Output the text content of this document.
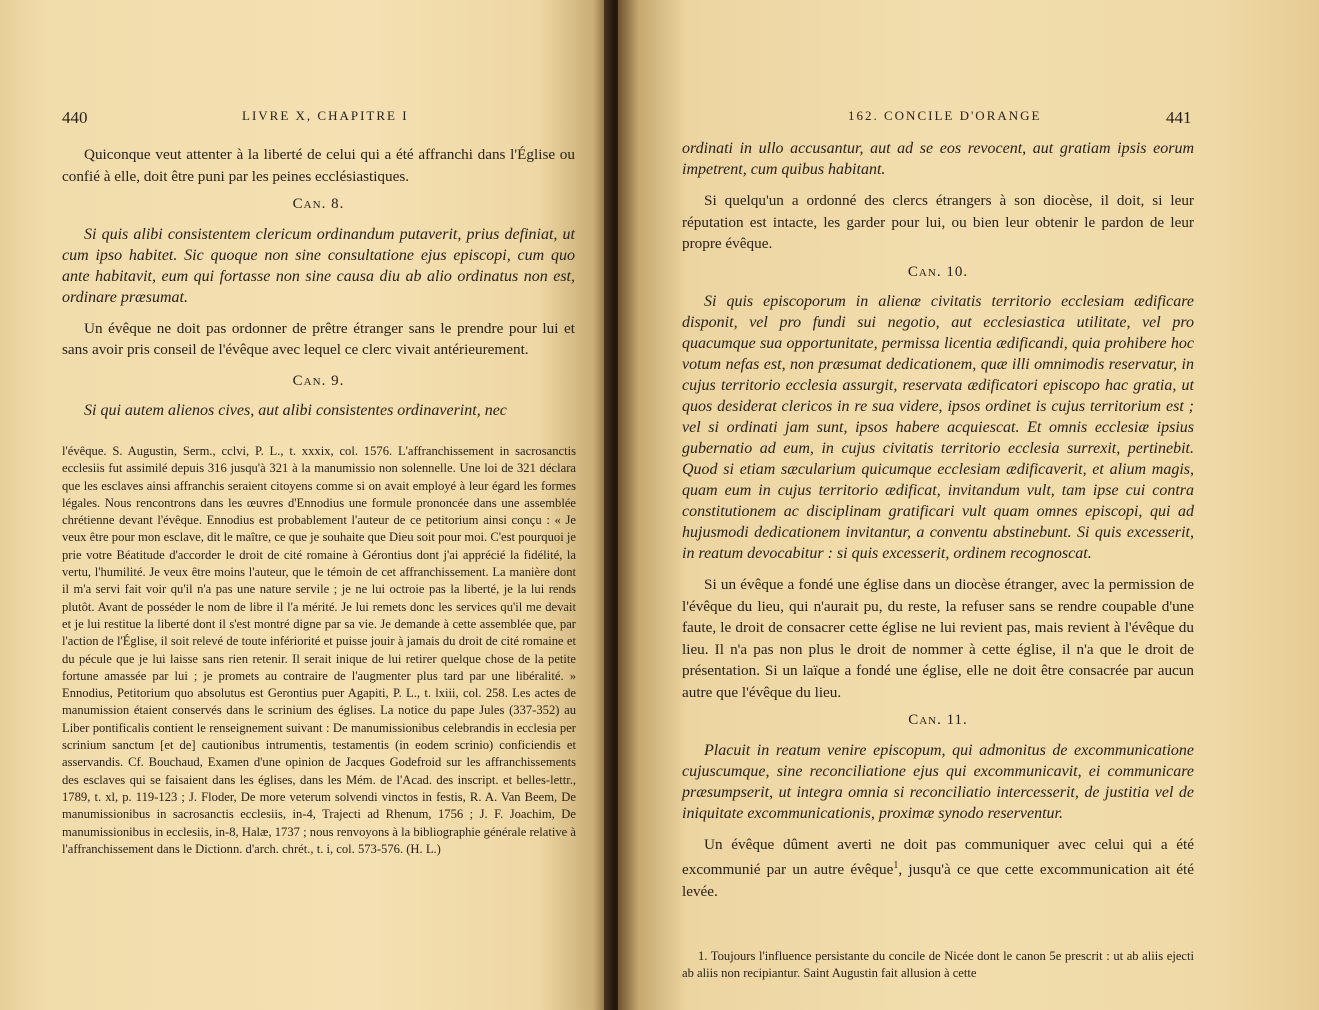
440	LIVRE X, CHAPITRE I

Quiconque veut attenter à la liberté de celui qui a été affranchi dans l'Église ou confié à elle, doit être puni par les peines ecclésiastiques.

Can. 8.

Si quis alibi consistentem clericum ordinandum putaverit, prius definiat, ut cum ipso habitet. Sic quoque non sine consultatione ejus episcopi, cum quo ante habitavit, eum qui fortasse non sine causa diu ab alio ordinatus non est, ordinare præsumat.

Un évêque ne doit pas ordonner de prêtre étranger sans le prendre pour lui et sans avoir pris conseil de l'évêque avec lequel ce clerc vivait antérieurement.

Can. 9.

Si qui autem alienos cives, aut alibi consistentes ordinaverint, nec

l'évêque. S. Augustin, Serm., cclvi, P. L., t. xxxix, col. 1576. L'affranchissement in sacrosanctis ecclesiis fut assimilé depuis 316 jusqu'à 321 à la manumissio non solennelle. Une loi de 321 déclara que les esclaves ainsi affranchis seraient citoyens comme si on avait employé à leur égard les formes légales. Nous rencontrons dans les œuvres d'Ennodius une formule prononcée dans une assemblée chrétienne devant l'évêque. Ennodius est probablement l'auteur de ce petitorium ainsi conçu : « Je veux être pour mon esclave, dit le maître, ce que je souhaite que Dieu soit pour moi. C'est pourquoi je prie votre Béatitude d'accorder le droit de cité romaine à Gérontius dont j'ai apprécié la fidélité, la vertu, l'humilité. Je veux être moins l'auteur, que le témoin de cet affranchissement. La manière dont il m'a servi fait voir qu'il n'a pas une nature servile ; je ne lui octroie pas la liberté, je la lui rends plutôt. Avant de posséder le nom de libre il l'a mérité. Je lui remets donc les services qu'il me devait et je lui restitue la liberté dont il s'est montré digne par sa vie. Je demande à cette assemblée que, par l'action de l'Église, il soit relevé de toute infériorité et puisse jouir à jamais du droit de cité romaine et du pécule que je lui laisse sans rien retenir. Il serait inique de lui retirer quelque chose de la petite fortune amassée par lui ; je promets au contraire de l'augmenter plus tard par une libéralité. » Ennodius, Petitorium quo absolutus est Gerontius puer Agapiti, P. L., t. lxiii, col. 258. Les actes de manumission étaient conservés dans le scrinium des églises. La notice du pape Jules (337-352) au Liber pontificalis contient le renseignement suivant : De manumissionibus celebrandis in ecclesia per scrinium sanctum [et de] cautionibus intrumentis, testamentis (in eodem scrinio) conficiendis et asservandis. Cf. Bouchaud, Examen d'une opinion de Jacques Godefroid sur les affranchissements des esclaves qui se faisaient dans les églises, dans les Mém. de l'Acad. des inscript. et belles-lettr., 1789, t. xl, p. 119-123 ; J. Floder, De more veterum solvendi vinctos in festis, R. A. Van Beem, De manumissionibus in sacrosanctis ecclesiis, in-4, Trajecti ad Rhenum, 1756 ; J. F. Joachim, De manumissionibus in ecclesiis, in-8, Halæ, 1737 ; nous renvoyons à la bibliographie générale relative à l'affranchissement dans le Dictionn. d'arch. chrét., t. i, col. 573-576. (H. L.)

162. CONCILE D'ORANGE	441

ordinati in ullo accusantur, aut ad se eos revocent, aut gratiam ipsis eorum impetrent, cum quibus habitant.

Si quelqu'un a ordonné des clercs étrangers à son diocèse, il doit, si leur réputation est intacte, les garder pour lui, ou bien leur obtenir le pardon de leur propre évêque.

Can. 10.

Si quis episcoporum in alienæ civitatis territorio ecclesiam ædificare disponit, vel pro fundi sui negotio, aut ecclesiastica utilitate, vel pro quacumque sua opportunitate, permissa licentia ædificandi, quia prohibere hoc votum nefas est, non præsumat dedicationem, quæ illi omnimodis reservatur, in cujus territorio ecclesia assurgit, reservata ædificatori episcopo hac gratia, ut quos desiderat clericos in re sua videre, ipsos ordinet is cujus territorium est ; vel si ordinati jam sunt, ipsos habere acquiescat. Et omnis ecclesiæ ipsius gubernatio ad eum, in cujus civitatis territorio ecclesia surrexit, pertinebit. Quod si etiam sæcularium quicumque ecclesiam ædificaverit, et alium magis, quam eum in cujus territorio ædificat, invitandum vult, tam ipse cui contra constitutionem ac disciplinam gratificari vult quam omnes episcopi, qui ad hujusmodi dedicationem invitantur, a conventu abstinebunt. Si quis excesserit, in reatum devocabitur : si quis excesserit, ordinem recognoscat.

Si un évêque a fondé une église dans un diocèse étranger, avec la permission de l'évêque du lieu, qui n'aurait pu, du reste, la refuser sans se rendre coupable d'une faute, le droit de consacrer cette église ne lui revient pas, mais revient à l'évêque du lieu. Il n'a pas non plus le droit de nommer à cette église, il n'a que le droit de présentation. Si un laïque a fondé une église, elle ne doit être consacrée par aucun autre que l'évêque du lieu.

Can. 11.

Placuit in reatum venire episcopum, qui admonitus de excommunicatione cujuscumque, sine reconciliatione ejus qui excommunicavit, ei communicare præsumpserit, ut integra omnia si reconciliatio intercesserit, de justitia vel de iniquitate excommunicationis, proximæ synodo reserventur.

Un évêque dûment averti ne doit pas communiquer avec celui qui a été excommunié par un autre évêque$^1$, jusqu'à ce que cette excommunication ait été levée.

1. Toujours l'influence persistante du concile de Nicée dont le canon 5e prescrit : ut ab aliis ejecti ab aliis non recipiantur. Saint Augustin fait allusion à cette
